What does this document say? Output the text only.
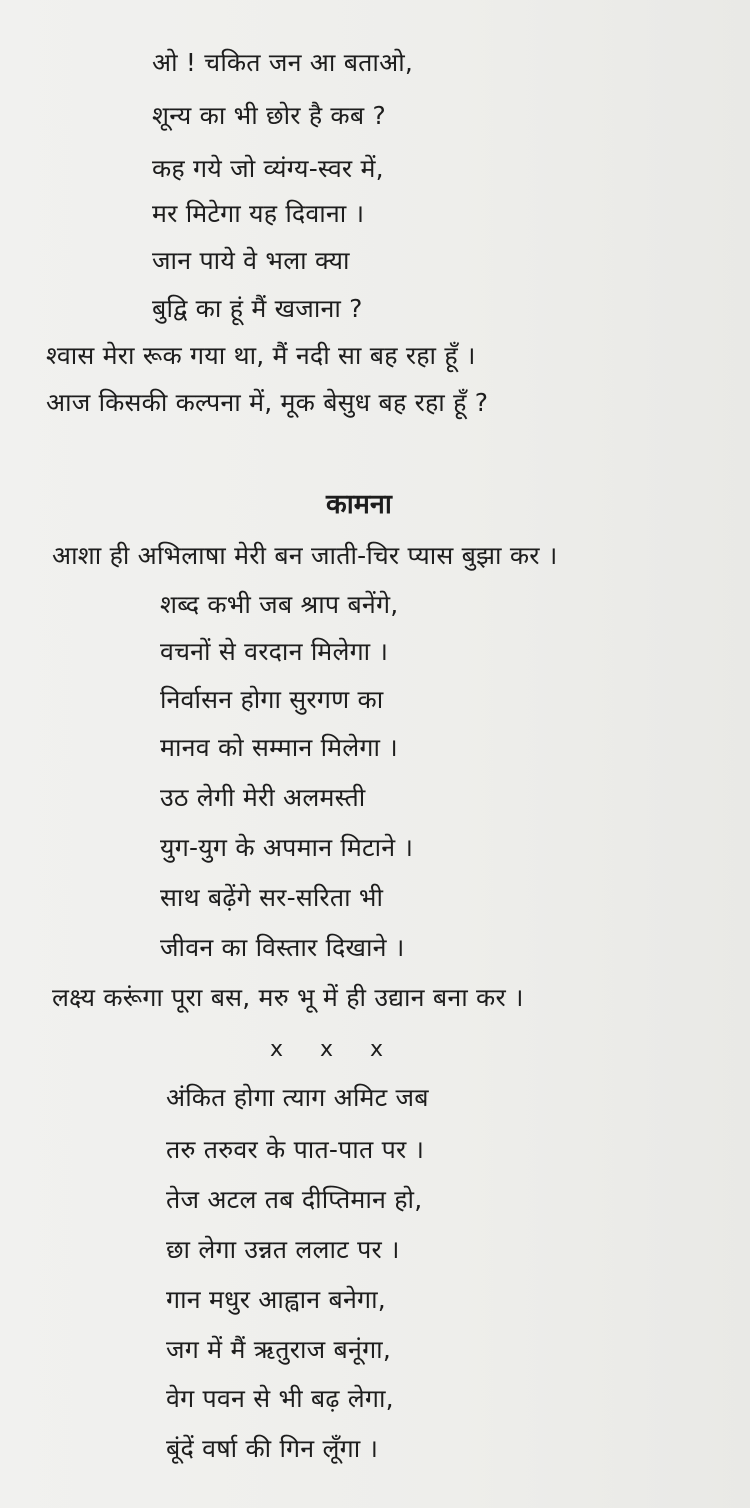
ओ ! चकित जन आ बताओ,
शून्य का भी छोर है कब ?
कह गये जो व्यंग्य-स्वर में,
मर मिटेगा यह दिवाना ।
जान पाये वे भला क्या
बुद्वि का हूं मैं खजाना ?
श्वास मेरा रूक गया था, मैं नदी सा बह रहा हूँ ।
आज किसकी कल्पना में, मूक बेसुध बह रहा हूँ ?
कामना
आशा ही अभिलाषा मेरी बन जाती-चिर प्यास बुझा कर ।
शब्द कभी जब श्राप बनेंगे,
वचनों से वरदान मिलेगा ।
निर्वासन होगा सुरगण का
मानव को सम्मान मिलेगा ।
उठ लेगी मेरी अलमस्ती
युग-युग के अपमान मिटाने ।
साथ बढ़ेंगे सर-सरिता भी
जीवन का विस्तार दिखाने ।
लक्ष्य करूंगा पूरा बस, मरु भू में ही उद्यान बना कर ।
x x x
अंकित होगा त्याग अमिट जब
तरु तरुवर के पात-पात पर ।
तेज अटल तब दीप्तिमान हो,
छा लेगा उन्नत ललाट पर ।
गान मधुर आह्वान बनेगा,
जग में मैं ऋतुराज बनूंगा,
वेग पवन से भी बढ़ लेगा,
बूंदें वर्षा की गिन लूँगा ।
